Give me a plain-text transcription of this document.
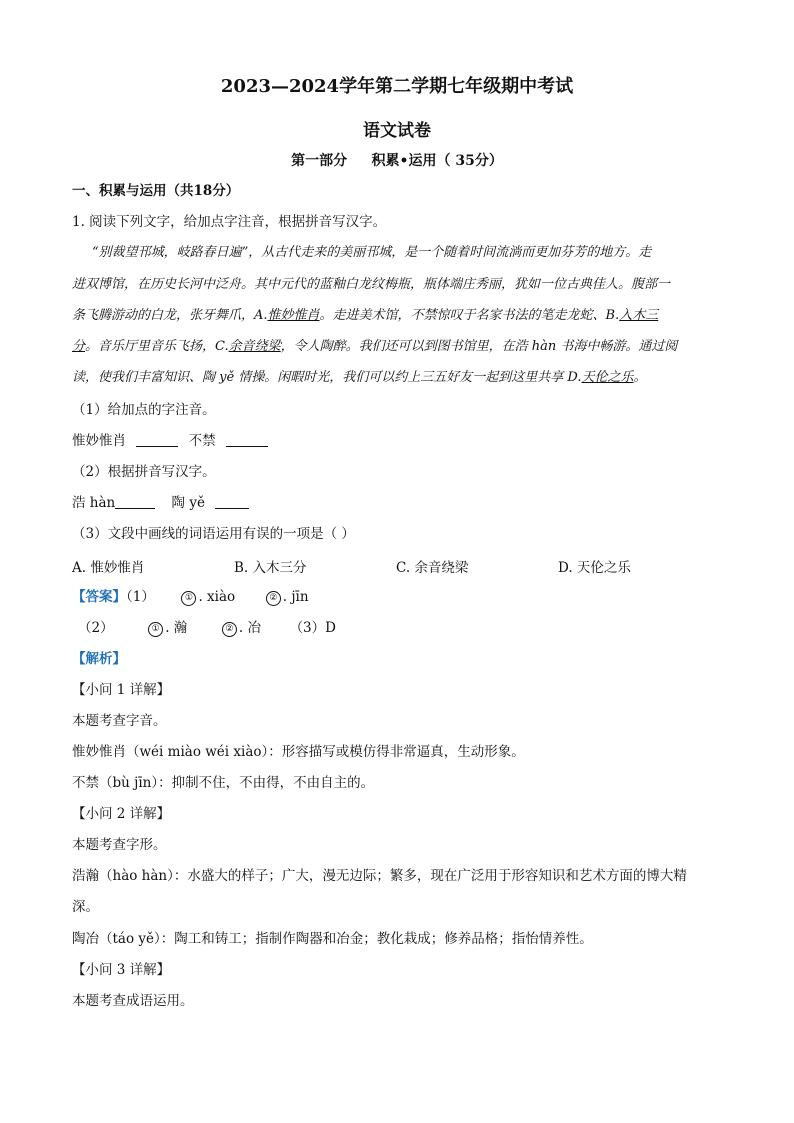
2023—2024学年第二学期七年级期中考试
语文试卷
第一部分     积累•运用（ 35分）
一、积累与运用（共18分）
1. 阅读下列文字，给加点字注音，根据拼音写汉字。
“别裁望邗城，岐路春日遍”，从古代走来的美丽邗城，是一个随着时间流淌而更加芬芳的地方。走
进双博馆，在历史长河中泛舟。其中元代的蓝釉白龙纹梅瓶，瓶体端庄秀丽，犹如一位古典佳人。腹部一
条飞腾游动的白龙，张牙舞爪，A.惟妙惟肖。走进美术馆，不禁惊叹于名家书法的笔走龙蛇、B.入木三
分。音乐厅里音乐飞扬，C.余音绕梁，令人陶醉。我们还可以到图书馆里，在浩 hàn 书海中畅游。通过阅
读，使我们丰富知识、陶 yě 情操。闲暇时光，我们可以约上三五好友一起到这里共享 D.天伦之乐。
（1）给加点的字注音。
惟妙惟肖	不禁
（2）根据拼音写汉字。
浩 hàn	陶 yě
（3）文段中画线的词语运用有误的一项是（ ）
A. 惟妙惟肖	B. 入木三分	C. 余音绕梁	D. 天伦之乐
【答案】（1）	① . xiào	② . jīn
（2）	① . 瀚	② . 冶 （3）D
【解析】
【小问 1 详解】
本题考查字音。
惟妙惟肖（wéi miào wéi xiào）：形容描写或模仿得非常逼真，生动形象。
不禁（bù jīn）：抑制不住，不由得，不由自主的。
【小问 2 详解】
本题考查字形。
浩瀚（hào hàn）：水盛大的样子；广大，漫无边际；繁多，现在广泛用于形容知识和艺术方面的博大精
深。
陶冶（táo yě）：陶工和铸工；指制作陶器和冶金；教化栽成；修养品格；指怡情养性。
【小问 3 详解】
本题考查成语运用。
